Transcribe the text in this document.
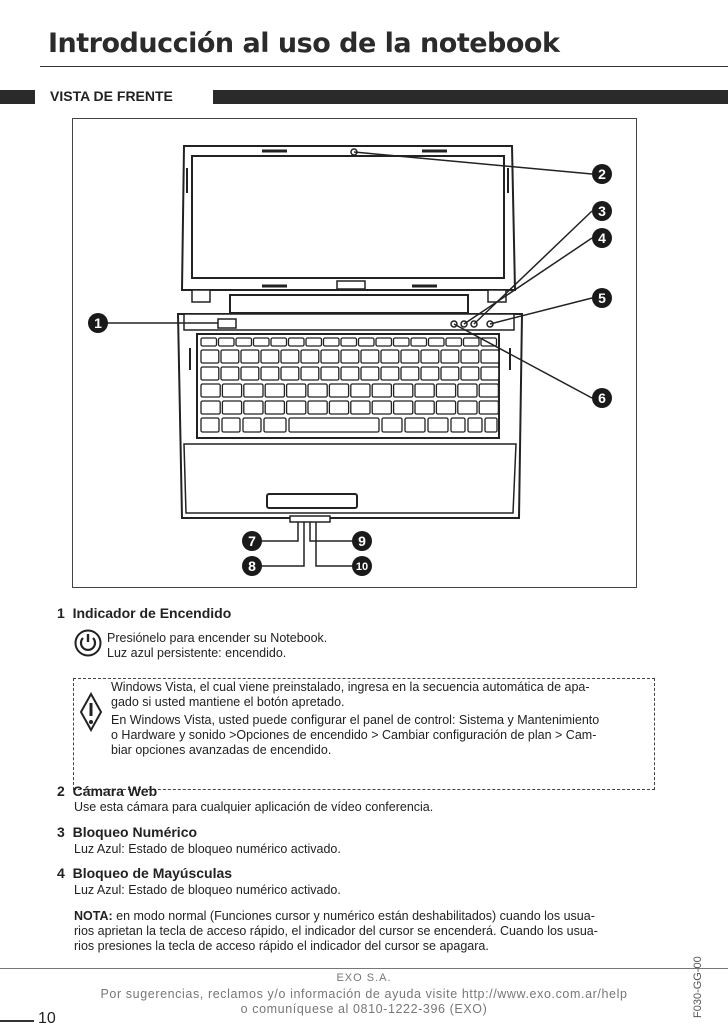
Introducción al uso de la notebook
VISTA DE FRENTE
1
2
3
4
5
6
7
8
9
10
1 Indicador de Encendido
Presiónelo para encender su Notebook.
Luz azul persistente: encendido.
Windows Vista, el cual viene preinstalado, ingresa en la secuencia automática de apa-
gado si usted mantiene el botón apretado.
En Windows Vista, usted puede configurar el panel de control: Sistema y Mantenimiento
o Hardware y sonido >Opciones de encendido > Cambiar configuración de plan > Cam-
biar opciones avanzadas de encendido.
2 Cámara Web
Use esta cámara para cualquier aplicación de vídeo conferencia.
3 Bloqueo Numérico
Luz Azul: Estado de bloqueo numérico activado.
4 Bloqueo de Mayúsculas
Luz Azul: Estado de bloqueo numérico activado.
NOTA: en modo normal (Funciones cursor y numérico están deshabilitados) cuando los usua-
rios aprietan la tecla de acceso rápido, el indicador del cursor se encenderá. Cuando los usua-
rios presiones la tecla de acceso rápido el indicador del cursor se apagara.
EXO S.A.
Por sugerencias, reclamos y/o información de ayuda visite http://www.exo.com.ar/help
o comuníquese al 0810-1222-396 (EXO)
10
F030-GG-00
